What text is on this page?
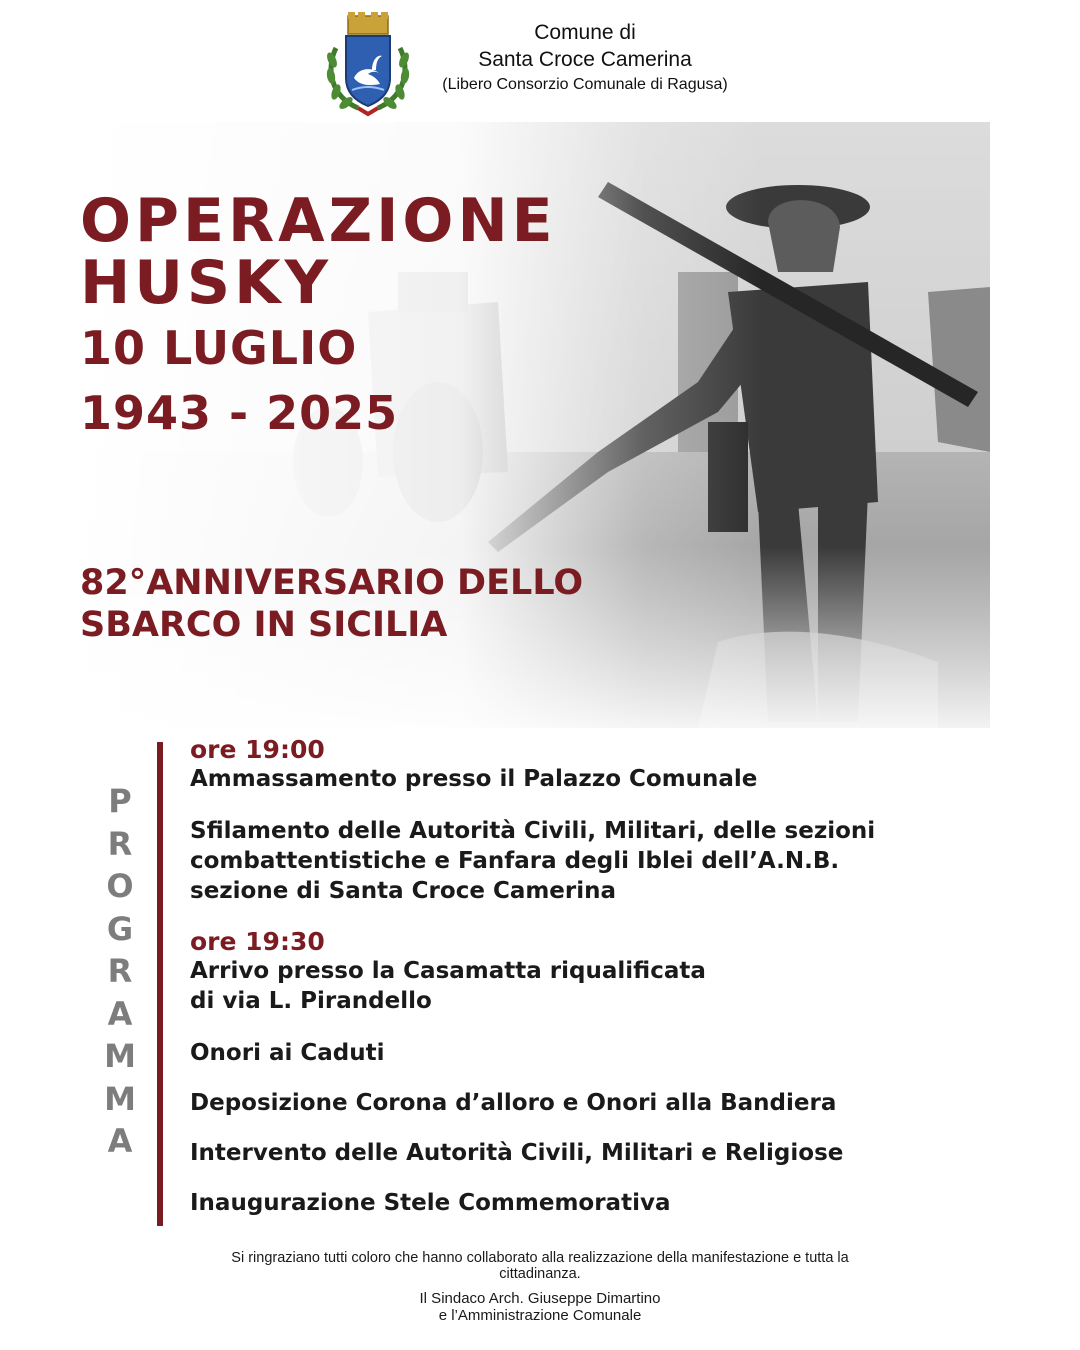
Comune di
Santa Croce Camerina
(Libero Consorzio Comunale di Ragusa)
OPERAZIONE
HUSKY
10 LUGLIO
1943 - 2025
82°ANNIVERSARIO DELLO
SBARCO IN SICILIA
P
R
O
G
R
A
M
M
A
ore 19:00
Ammassamento presso il Palazzo Comunale
Sfilamento delle Autorità Civili, Militari, delle sezioni
combattentistiche e Fanfara degli Iblei dell’A.N.B.
sezione di Santa Croce Camerina
ore 19:30
Arrivo presso la Casamatta riqualificata
di via L. Pirandello
Onori ai Caduti
Deposizione Corona d’alloro e Onori alla Bandiera
Intervento delle Autorità Civili, Militari e Religiose
Inaugurazione Stele Commemorativa
Si ringraziano tutti coloro che hanno collaborato alla realizzazione della manifestazione e tutta la
cittadinanza.
Il Sindaco Arch. Giuseppe Dimartino
e l’Amministrazione Comunale
